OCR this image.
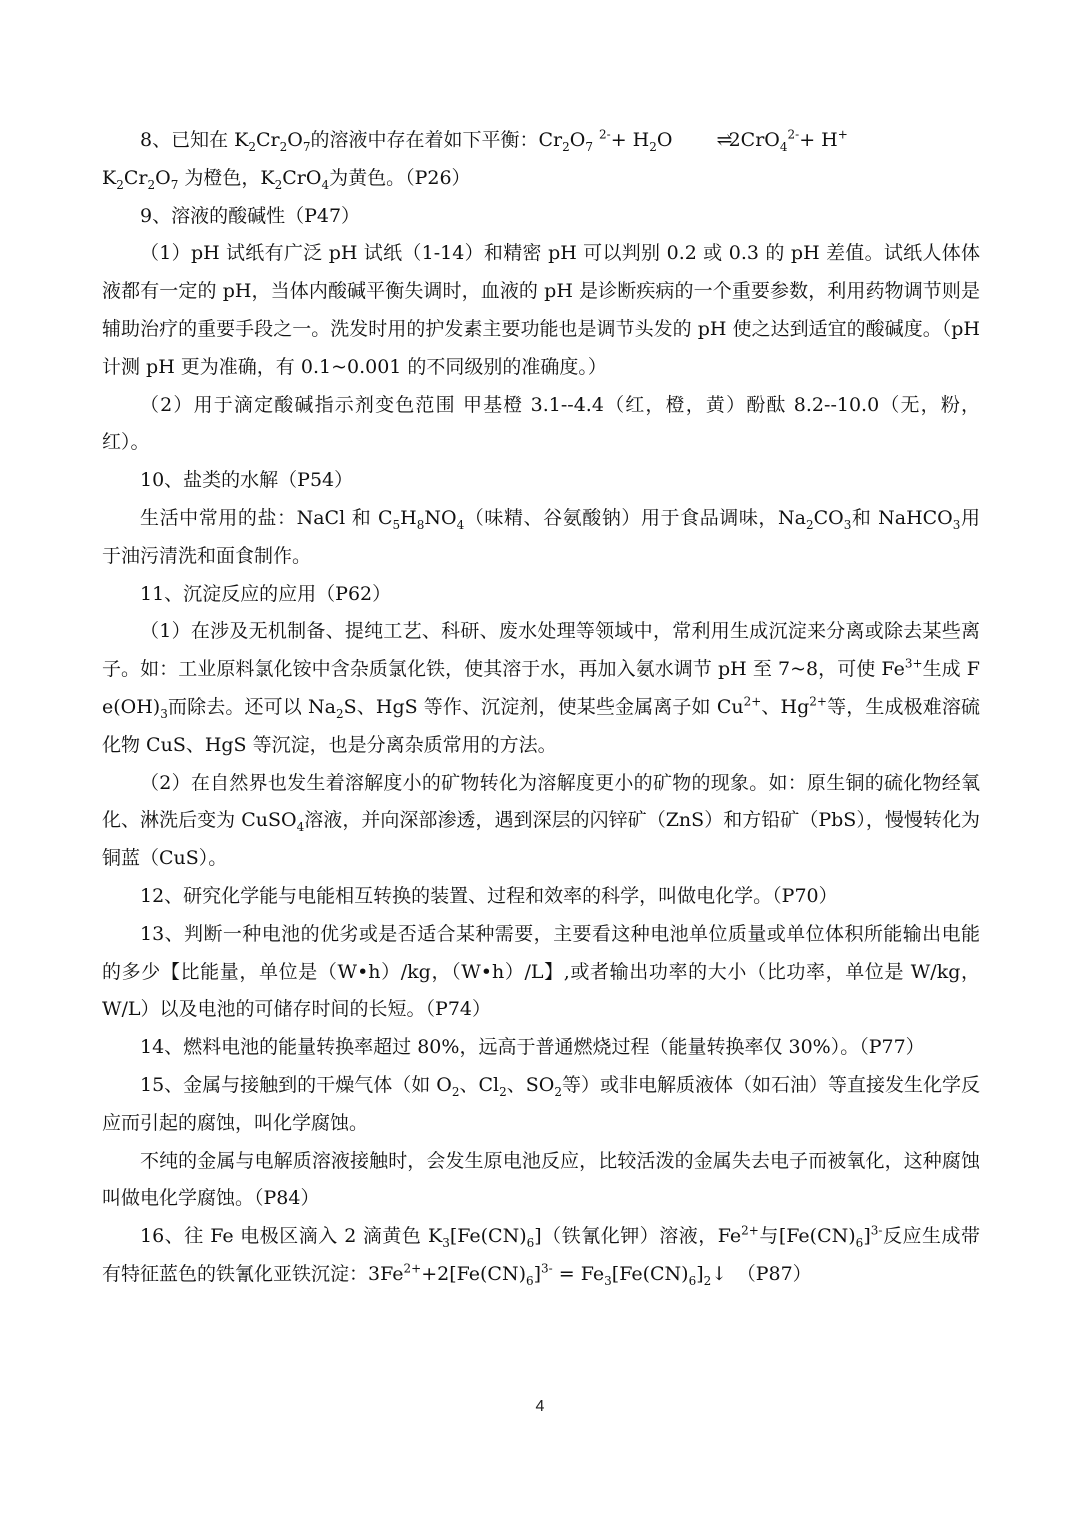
8、已知在 $K_2Cr_2O_7$的溶液中存在着如下平衡：$Cr_2O_7$ $^{2-}+ H_2O$ ⇌ 2CrO$_4^{2-}$+ H+

$K_2Cr_2O_7$ 为橙色，$K_2CrO_4$为黄色。（P26）

9、溶液的酸碱性（P47）

（1）pH 试纸有广泛 pH 试纸（1-14）和精密 pH 可以判别 0.2 或 0.3 的 pH 差值。试纸人体体液都有一定的 pH，当体内酸碱平衡失调时，血液的 pH 是诊断疾病的一个重要参数，利用药物调节则是辅助治疗的重要手段之一。洗发时用的护发素主要功能也是调节头发的 pH 使之达到适宜的酸碱度。（pH 计测 pH 更为准确，有 0.1~0.001 的不同级别的准确度。）

（2）用于滴定酸碱指示剂变色范围 甲基橙 3.1--4.4（红，橙，黄）酚酞 8.2--10.0（无，粉，红）。

10、盐类的水解（P54）

生活中常用的盐：NaCl 和 $C_5H_8NO_4$（味精、谷氨酸钠）用于食品调味，$Na_2CO_3$和 NaHCO$_3$用于油污清洗和面食制作。

11、沉淀反应的应用（P62）

（1）在涉及无机制备、提纯工艺、科研、废水处理等领域中，常利用生成沉淀来分离或除去某些离子。如：工业原料氯化铵中含杂质氯化铁，使其溶于水，再加入氨水调节 pH 至 7~8，可使 $Fe^{3+}$生成 $Fe(OH)_3$而除去。还可以 $Na_2S$、HgS 等作、沉淀剂，使某些金属离子如 $Cu^{2+}$、$Hg^{2+}$等，生成极难溶硫化物 CuS、HgS 等沉淀，也是分离杂质常用的方法。

（2）在自然界也发生着溶解度小的矿物转化为溶解度更小的矿物的现象。如：原生铜的硫化物经氧化、淋洗后变为 CuSO$_4$溶液，并向深部渗透，遇到深层的闪锌矿（ZnS）和方铅矿（PbS），慢慢转化为铜蓝（CuS）。

12、研究化学能与电能相互转换的装置、过程和效率的科学，叫做电化学。（P70）

13、判断一种电池的优劣或是否适合某种需要，主要看这种电池单位质量或单位体积所能输出电能的多少【比能量，单位是（W•h）/kg，（W•h）/L】,或者输出功率的大小（比功率，单位是 W/kg，W/L）以及电池的可储存时间的长短。（P74）

14、燃料电池的能量转换率超过 80%，远高于普通燃烧过程（能量转换率仅 30%）。（P77）

15、金属与接触到的干燥气体（如 $O_2$、$Cl_2$、$SO_2$等）或非电解质液体（如石油）等直接发生化学反应而引起的腐蚀，叫化学腐蚀。

不纯的金属与电解质溶液接触时，会发生原电池反应，比较活泼的金属失去电子而被氧化，这种腐蚀叫做电化学腐蚀。（P84）

16、往 Fe 电极区滴入 2 滴黄色 $K_3[Fe(CN)_6]$（铁氰化钾）溶液，$Fe^{2+}$与$[Fe(CN)_6]^{3-}$反应生成带有特征蓝色的铁氰化亚铁沉淀：$3Fe^{2+}+2[Fe(CN)_6]^{3-}$ = $Fe_3[Fe(CN)_6]_2↓$　（P87）

4
